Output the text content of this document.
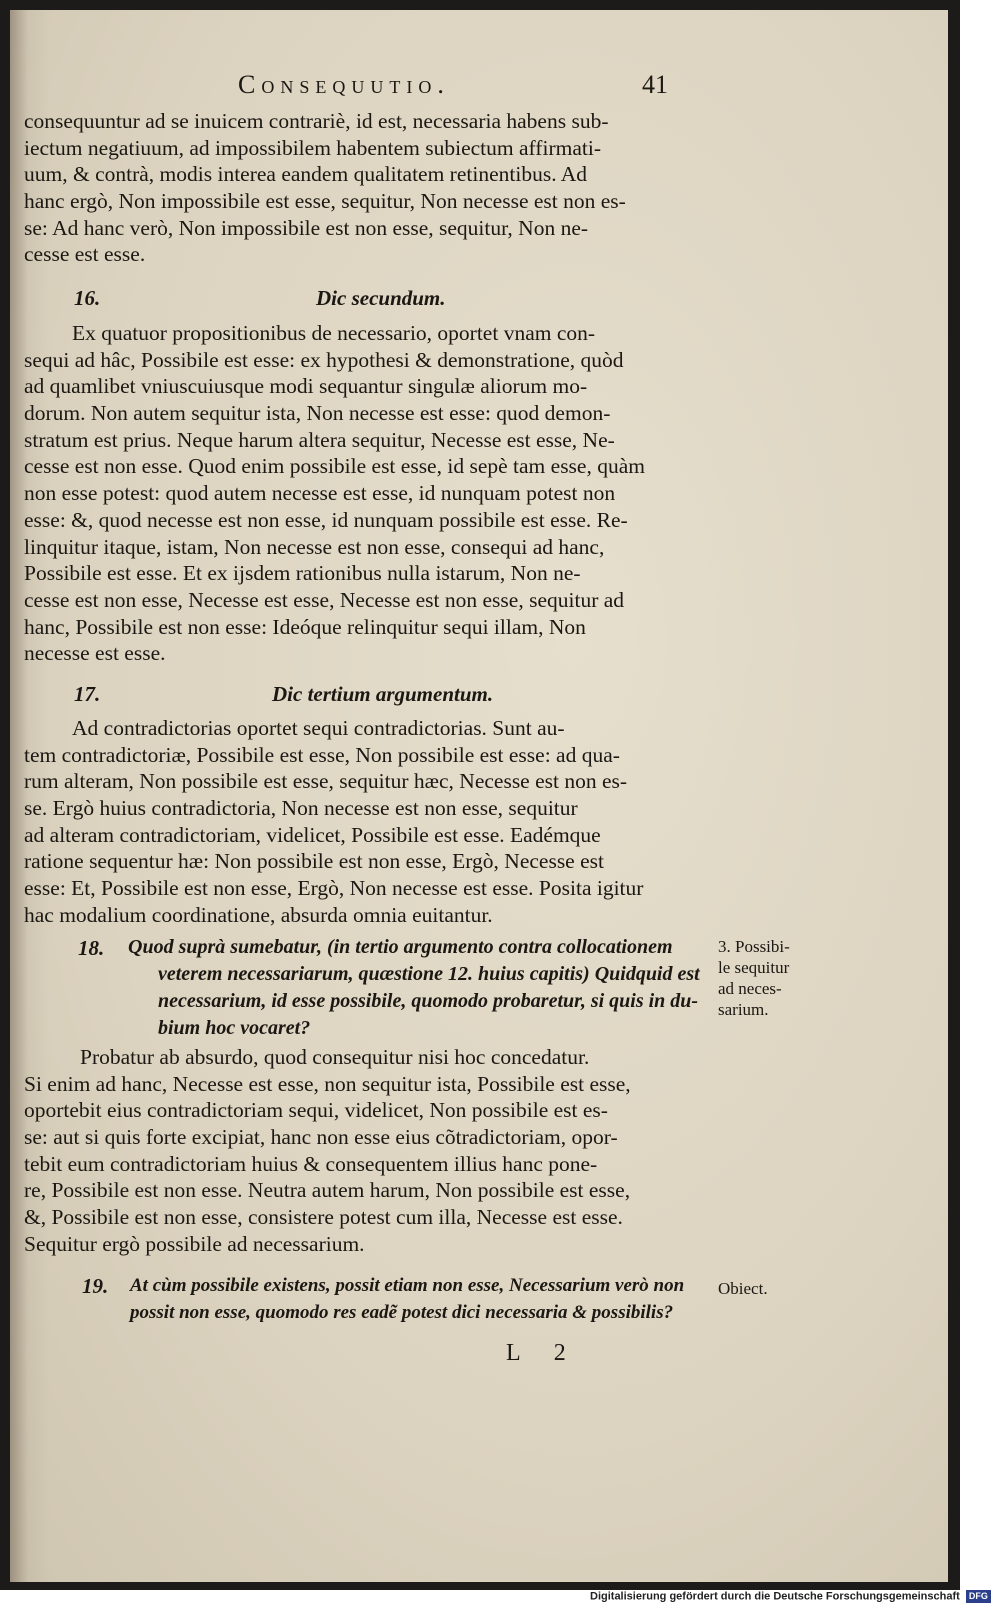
Consequutio.	41
consequuntur ad se inuicem contrariè, id est, necessaria habens sub-
iectum negatiuum, ad impossibilem habentem subiectum affirmati-
uum, & contrà, modis interea eandem qualitatem retinentibus. Ad
hanc ergò, Non impossibile est esse, sequitur, Non necesse est non es-
se: Ad hanc verò, Non impossibile est non esse, sequitur, Non ne-
cesse est esse.
16.	Dic secundum.
Ex quatuor propositionibus de necessario, oportet vnam con-
sequi ad hâc, Possibile est esse: ex hypothesi & demonstratione, quòd
ad quamlibet vniuscuiusque modi sequantur singulæ aliorum mo-
dorum. Non autem sequitur ista, Non necesse est esse: quod demon-
stratum est prius. Neque harum altera sequitur, Necesse est esse, Ne-
cesse est non esse. Quod enim possibile est esse, id sepè tam esse, quàm
non esse potest: quod autem necesse est esse, id nunquam potest non
esse: &, quod necesse est non esse, id nunquam possibile est esse. Re-
linquitur itaque, istam, Non necesse est non esse, consequi ad hanc,
Possibile est esse. Et ex ijsdem rationibus nulla istarum, Non ne-
cesse est non esse, Necesse est esse, Necesse est non esse, sequitur ad
hanc, Possibile est non esse: Ideóque relinquitur sequi illam, Non
necesse est esse.
17.	Dic tertium argumentum.
Ad contradictorias oportet sequi contradictorias. Sunt au-
tem contradictoriæ, Possibile est esse, Non possibile est esse: ad qua-
rum alteram, Non possibile est esse, sequitur hæc, Necesse est non es-
se. Ergò huius contradictoria, Non necesse est non esse, sequitur
ad alteram contradictoriam, videlicet, Possibile est esse. Eadémque
ratione sequentur hæ: Non possibile est non esse, Ergò, Necesse est
esse: Et, Possibile est non esse, Ergò, Non necesse est esse. Posita igitur
hac modalium coordinatione, absurda omnia euitantur.
18. Quod suprà sumebatur, (in tertio argumento contra collocationem
veterem necessariarum, quæstione 12. huius capitis) Quidquid est
necessarium, id esse possibile, quomodo probaretur, si quis in du-
bium hoc vocaret?
3. Possibi-
le sequitur
ad neces-
sarium.
Probatur ab absurdo, quod consequitur nisi hoc concedatur.
Si enim ad hanc, Necesse est esse, non sequitur ista, Possibile est esse,
oportebit eius contradictoriam sequi, videlicet, Non possibile est es-
se: aut si quis forte excipiat, hanc non esse eius cõtradictoriam, opor-
tebit eum contradictoriam huius & consequentem illius hanc pone-
re, Possibile est non esse. Neutra autem harum, Non possibile est esse,
&, Possibile est non esse, consistere potest cum illa, Necesse est esse.
Sequitur ergò possibile ad necessarium.
19. At cùm possibile existens, possit etiam non esse, Necessarium verò non
possit non esse, quomodo res eadẽ potest dici necessaria & possibilis?
Obiect.
L 2
Digitalisierung gefördert durch die Deutsche Forschungsgemeinschaft DFG
